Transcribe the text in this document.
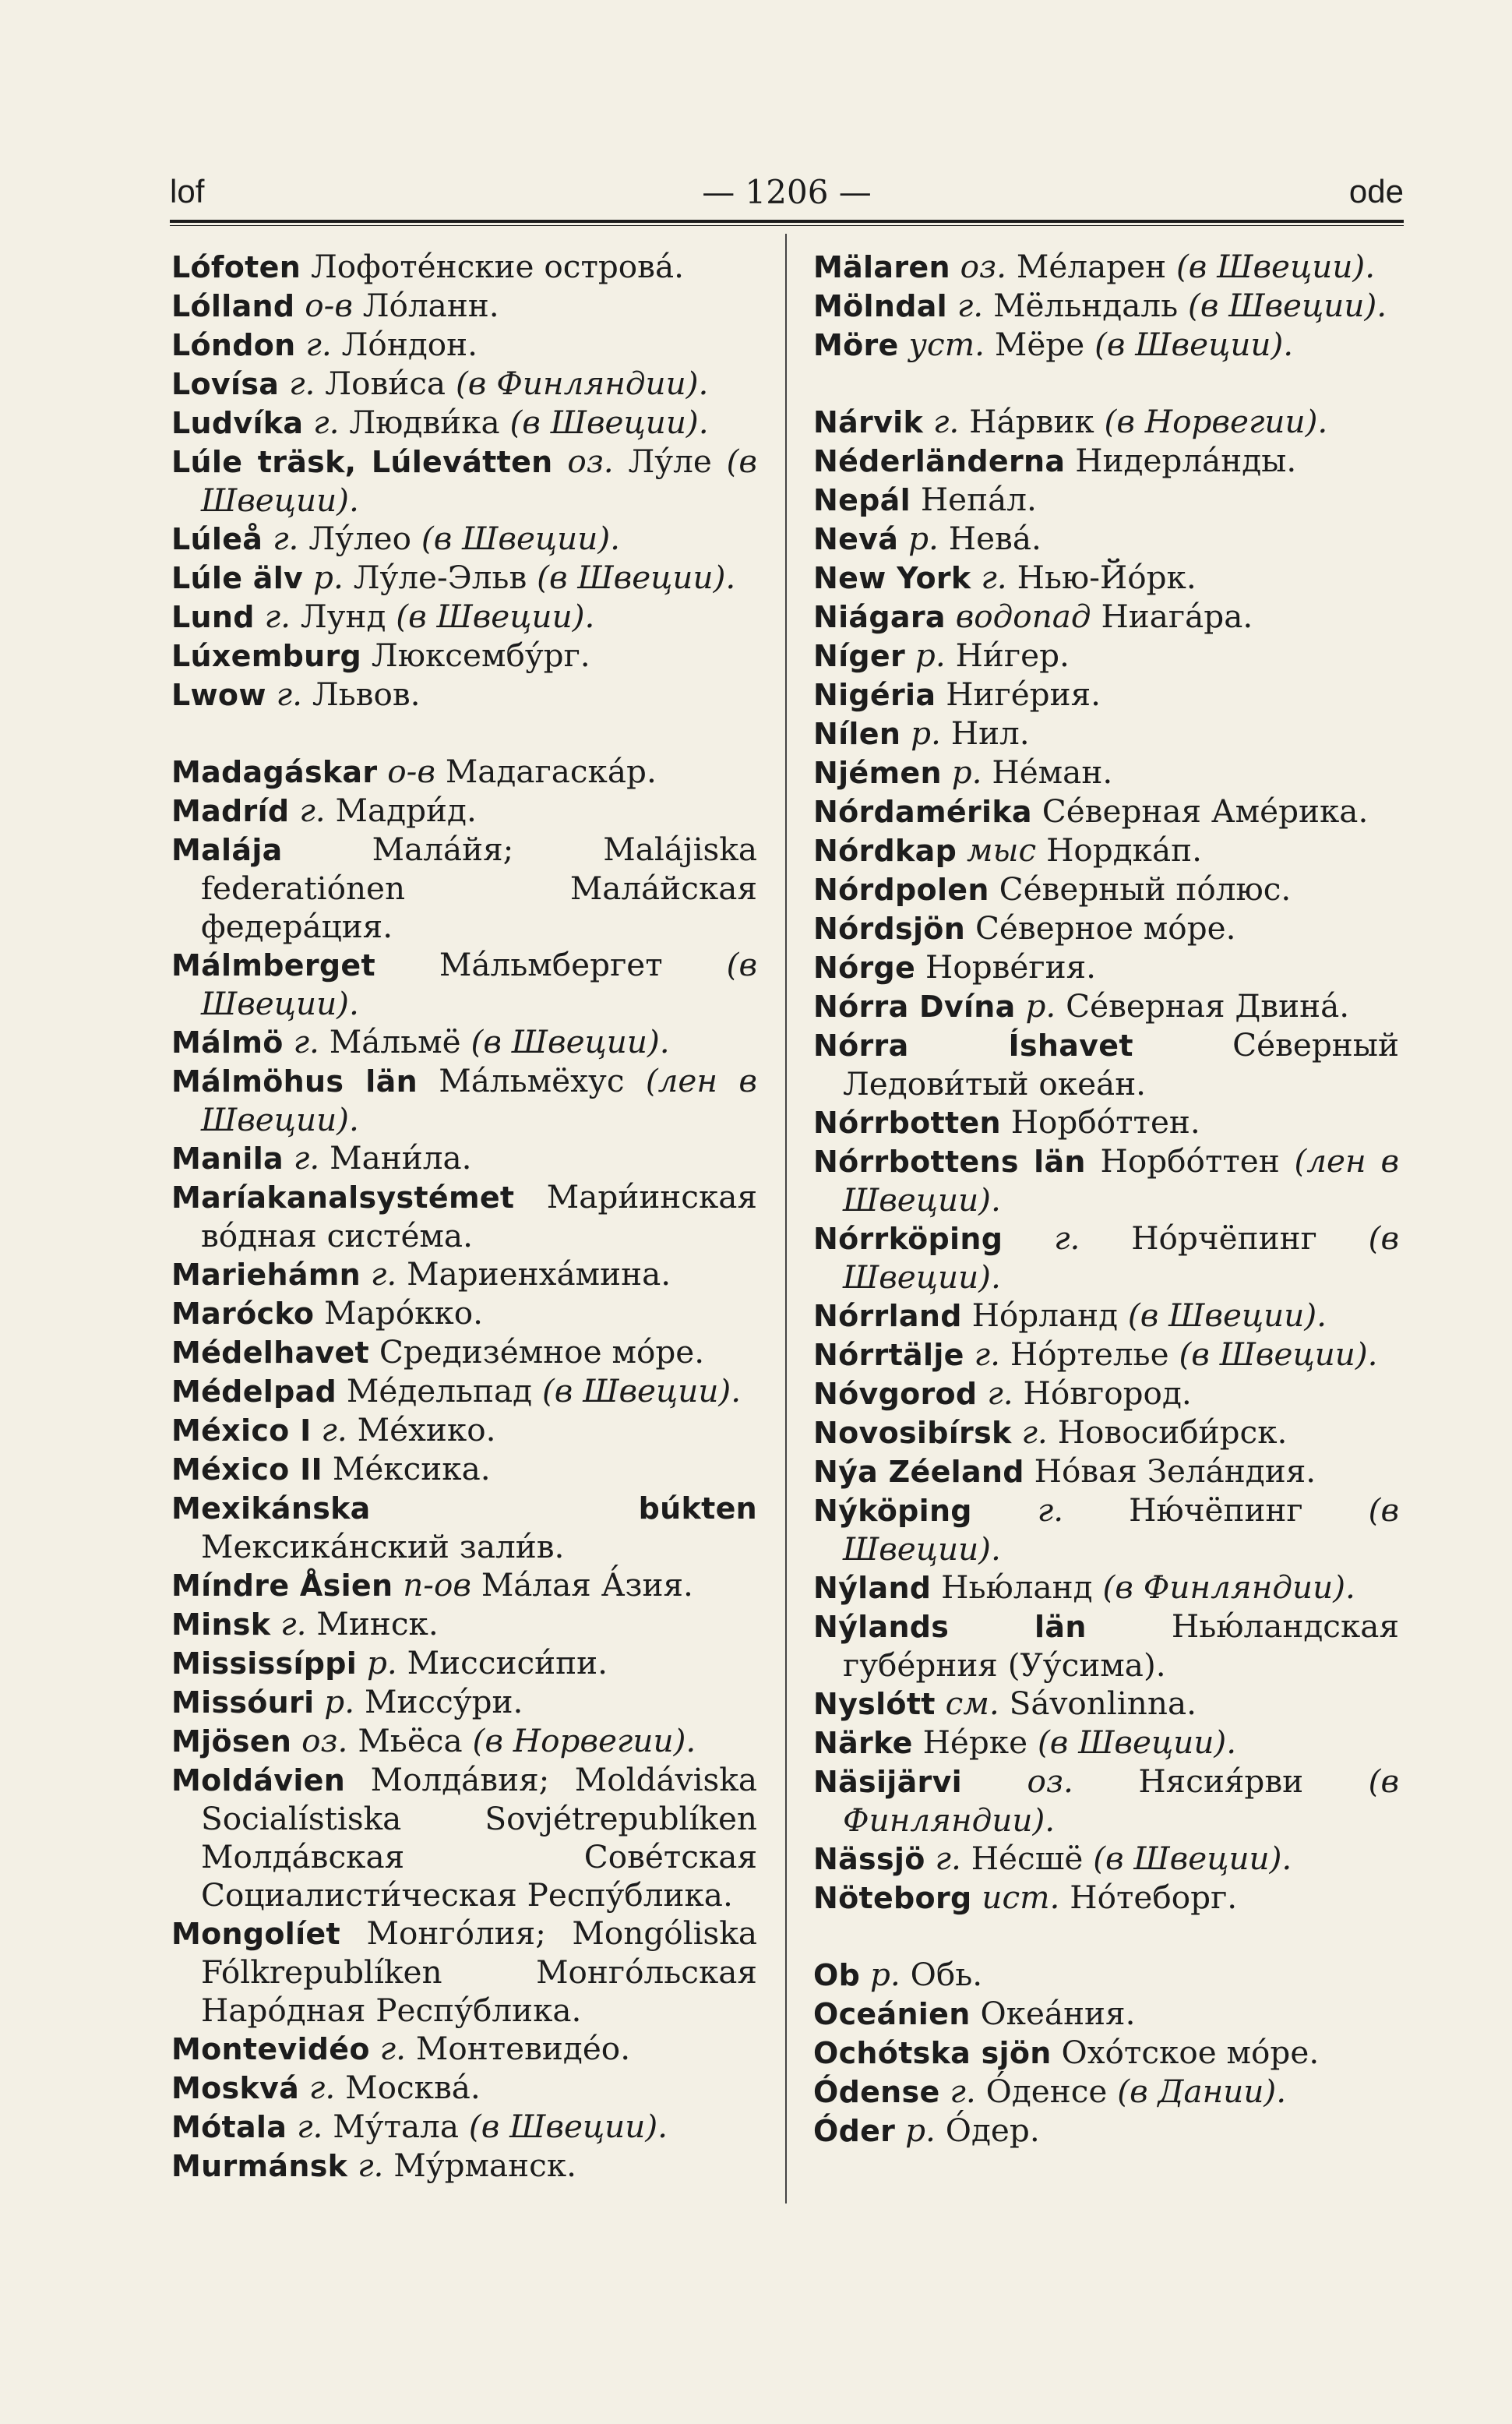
lof	— 1206 —	ode
Lófoten Лофоте́нские острова́.
Lólland о-в Ло́ланн.
Lóndon г. Ло́ндон.
Lovísa г. Лови́са (в Финляндии).
Ludvíka г. Людви́ка (в Швеции).
Lúle träsk, Lúlevátten оз. Лу́ле (в Швеции).
Lúleå г. Лу́лео (в Швеции).
Lúle älv р. Лу́ле-Эльв (в Швеции).
Lund г. Лунд (в Швеции).
Lúxemburg Люксембу́рг.
Lwow г. Львов.
Madagáskar о-в Мадагаска́р.
Madríd г. Мадри́д.
Malája	Мала́йя; Malájiska federatiónen Мала́йская федера́ция.
Málmberget Ма́льмбергет (в Швеции).
Málmö г. Ма́льмё (в Швеции).
Málmöhus län Ма́льмёхус (лен в Швеции).
Manila г. Мани́ла.
Maríakanalsystémet Мари́инская во́дная систе́ма.
Mariehámn г. Мариенха́мина.
Marócko Маро́кко.
Médelhavet Средизе́мное мо́ре.
Médelpad Ме́дельпад (в Швеции).
México I г. Ме́хико.
México II Ме́ксика.
Mexikánska búkten Мексика́нский зали́в.
Míndre Åsien п-ов Ма́лая А́зия.
Minsk г. Минск.
Mississíppi р. Миссиси́пи.
Missóuri р. Миссу́ри.
Mjösen оз. Мьёса (в Норвегии).
Moldávien Молда́вия; Moldáviska Socialístiska Sovjétrepublíken Молда́вская Сове́тская Социалисти́ческая Респу́блика.
Mongolíet Монго́лия; Mongóliska Fólkrepublíken Монго́льская Наро́дная Респу́блика.
Montevidéo г. Монтевиде́о.
Moskvá г. Москва́.
Mótala г. Му́тала (в Швеции).
Murmánsk г. Му́рманск.
Mälaren оз. Ме́ларен (в Швеции).
Mölndal г. Мёльндаль (в Швеции).
Möre уст. Мёре (в Швеции).
Nárvik г. На́рвик (в Норвегии).
Néderländerna Нидерла́нды.
Nepál Непа́л.
Nevá р. Нева́.
New York г. Нью-Йо́рк.
Niágara водопад Ниага́ра.
Níger р. Ни́гер.
Nigéria Ниге́рия.
Nílen р. Нил.
Njémen р. Не́ман.
Nórdamérika Се́верная Аме́рика.
Nórdkap мыс Нордка́п.
Nórdpolen Се́верный по́люс.
Nórdsjön Се́верное мо́ре.
Nórge Норве́гия.
Nórra Dvína р. Се́верная Двина́.
Nórra Íshavet	Се́верный Ледови́тый океа́н.
Nórrbotten Норбо́ттен.
Nórrbottens län Норбо́ттен (лен в Швеции).
Nórrköping г. Но́рчёпинг (в Швеции).
Nórrland Но́рланд (в Швеции).
Nórrtälje г. Но́ртелье (в Швеции).
Nóvgorod г. Но́вгород.
Novosibírsk г. Новосиби́рск.
Nýa Zéeland Но́вая Зела́ндия.
Nýköping г. Ню́чёпинг (в Швеции).
Nýland Нью́ланд (в Финляндии).
Nýlands län	Нью́ландская губе́рния (Уу́сима).
Nyslótt см. Sávonlinna.
Närke Не́рке (в Швеции).
Näsijärvi оз. Нясия́рви (в Финляндии).
Nässjö г. Не́сшё (в Швеции).
Nöteborg ист. Но́теборг.
Ob р. Обь.
Oceánien Океа́ния.
Ochótska sjön Охо́тское мо́ре.
Ódense г. О́денсе (в Дании).
Óder р. О́дер.
